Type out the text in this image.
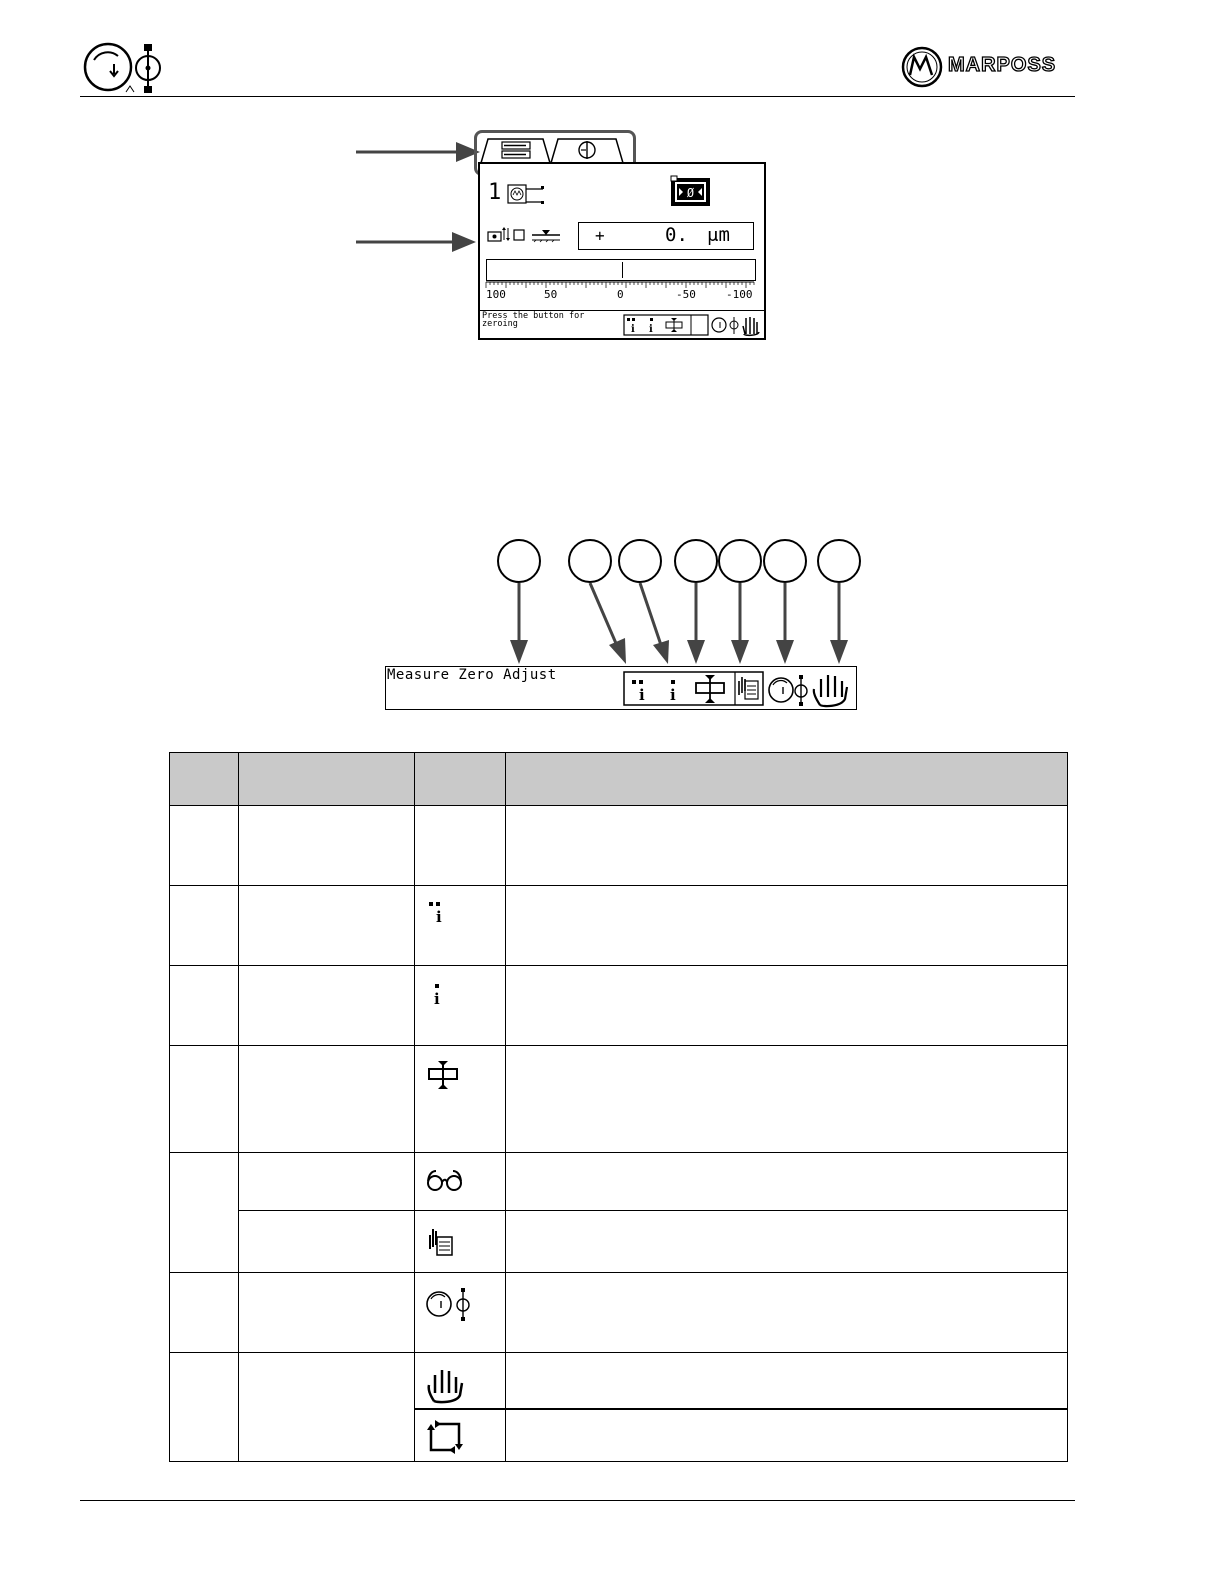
MARPOSS
1	Ø
+	0. μm
100	50	0	-50	-100
Press the button for
zeroing	i i
Measure Zero Adjust
i i

i	

i	
